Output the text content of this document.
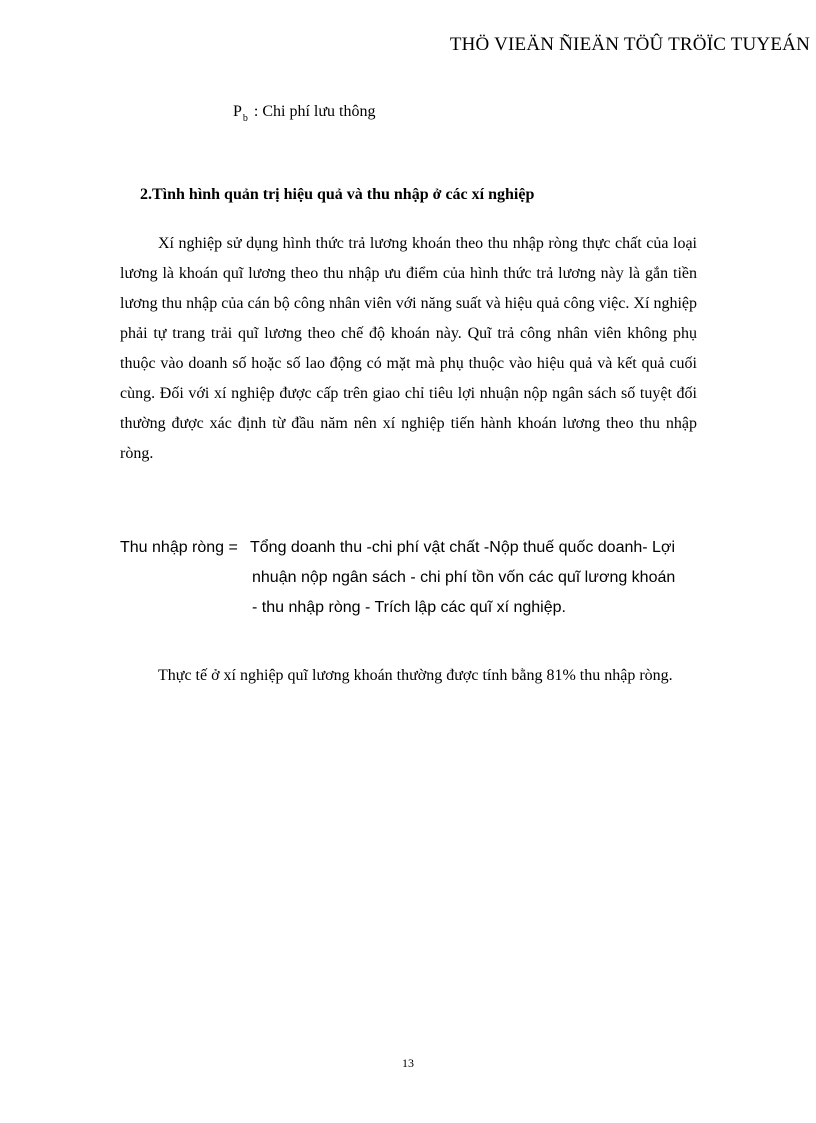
THÖ VIEÄN ÑIEÄN TÖÛ TRÖÏC TUYEÁN
$P_b$ : Chi phí lưu thông
2.Tình hình quản trị hiệu quả và thu nhập ở các xí nghiệp

Xí nghiệp sử dụng hình thức trả lương khoán theo thu nhập ròng thực chất của loại lương là khoán quĩ lương theo thu nhập ưu điểm của hình thức trả lương này là gắn tiền lương thu nhập của cán bộ công nhân viên với năng suất và hiệu quả công việc. Xí nghiệp phải tự trang trải quĩ lương theo chế độ khoán này. Quĩ trả công nhân viên không phụ thuộc vào doanh số hoặc số lao động có mặt mà phụ thuộc vào hiệu quả và kết quả cuối cùng. Đối với xí nghiệp được cấp trên giao chỉ tiêu lợi nhuận nộp ngân sách số tuyệt đối thường được xác định từ đầu năm nên xí nghiệp tiến hành khoán lương theo thu nhập ròng.

Thu nhập ròng = Tổng doanh thu -chi phí vật chất -Nộp thuế quốc doanh- Lợi
nhuận nộp ngân sách - chi phí tồn vốn các quĩ lương khoán
- thu nhập ròng - Trích lập các quĩ xí nghiệp.

Thực tế ở xí nghiệp quĩ lương khoán thường được tính bằng 81% thu nhập ròng.

13
